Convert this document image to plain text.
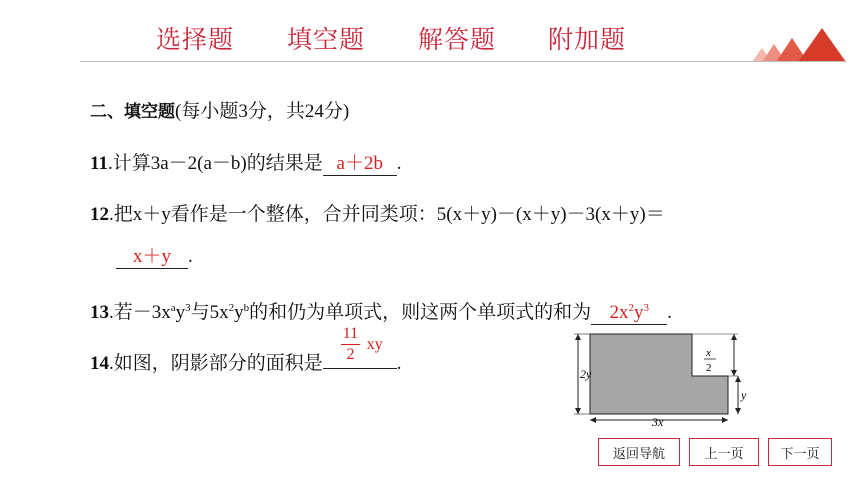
选择题 填空题 解答题 附加题
二、填空题(每小题3分，共24分)
11.计算3a－2(a－b)的结果是 a＋2b .
12.把x＋y看作是一个整体，合并同类项：5(x＋y)－(x＋y)－3(x＋y)＝
x＋y .
13.若$-3x^ay^3$与$5x^2y^b$的和仍为单项式，则这两个单项式的和为 $2x^2y^3$ .
14.如图，阴影部分的面积是
11
2
xy
.	2y
x
2
y
3x
返回导航	上一页	下一页
